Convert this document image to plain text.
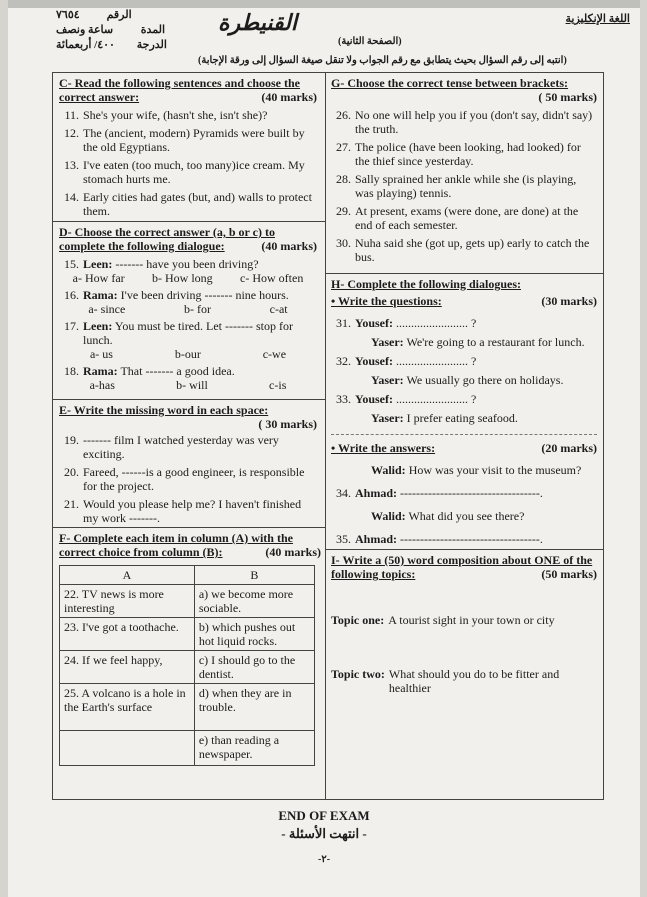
٧٦٥٤	الرقم
ساعة ونصف	المدة
٤٠٠/ أربعمائة	الدرجة
القنيطرة	اللغة الإنكليزية
(الصفحة الثانية)
(انتبه إلى رقم السؤال بحيث يتطابق مع رقم الجواب ولا تنقل صيغة السؤال إلى ورقة الإجابة)
C- Read the following sentences and choose the correct answer:	(40 marks)
11. She's your wife, (hasn't she, isn't she)?
12. The (ancient, modern) Pyramids were built by the old Egyptians.
13. I've eaten (too much, too many)ice cream. My stomach hurts me.
14. Early cities had gates (but, and) walls to protect them.
D- Choose the correct answer (a, b or c) to complete the following dialogue:	(40 marks)
15. Leen: ------- have you been driving?
a- How far b- How long c- How often
16. Rama: I've been driving ------- nine hours.
a- since	b- for	c-at
17. Leen: You must be tired. Let ------- stop for lunch.
a- us	b-our	c-we
18. Rama: That ------- a good idea.
a-has	b- will	c-is
E- Write the missing word in each space:
( 30 marks)
19. ------- film I watched yesterday was very exciting.
20. Fareed, ------is a good engineer, is responsible for the project.
21. Would you please help me? I haven't finished my work -------.
F- Complete each item in column (A) with the correct choice from column (B):	(40 marks)
A	B
22. TV news is more interesting	a) we become more sociable.
23. I've got a toothache.	b) which pushes out hot liquid rocks.
24. If we feel happy,	c) I should go to the dentist.
25. A volcano is a hole in the Earth's surface	d) when they are in trouble.
	e) than reading a newspaper.
G- Choose the correct tense between brackets:
( 50 marks)
26. No one will help you if you (don't say, didn't say) the truth.
27. The police (have been looking, had looked) for the thief since yesterday.
28. Sally sprained her ankle while she (is playing, was playing) tennis.
29. At present, exams (were done, are done) at the end of each semester.
30. Nuha said she (got up, gets up) early to catch the bus.
H- Complete the following dialogues:
• Write the questions:	(30 marks)
31. Yousef: ........................ ?
Yaser: We're going to a restaurant for lunch.
32. Yousef: ........................ ?
Yaser: We usually go there on holidays.
33. Yousef: ........................ ?
Yaser: I prefer eating seafood.
• Write the answers:	(20 marks)
Walid: How was your visit to the museum?
34. Ahmad: -----------------------------------.
Walid: What did you see there?
35. Ahmad: -----------------------------------.
I- Write a (50) word composition about ONE of the following topics:	(50 marks)
Topic one: A tourist sight in your town or city
Topic two: What should you do to be fitter and healthier
END OF EXAM
- انتهت الأسئلة -
-٢-
